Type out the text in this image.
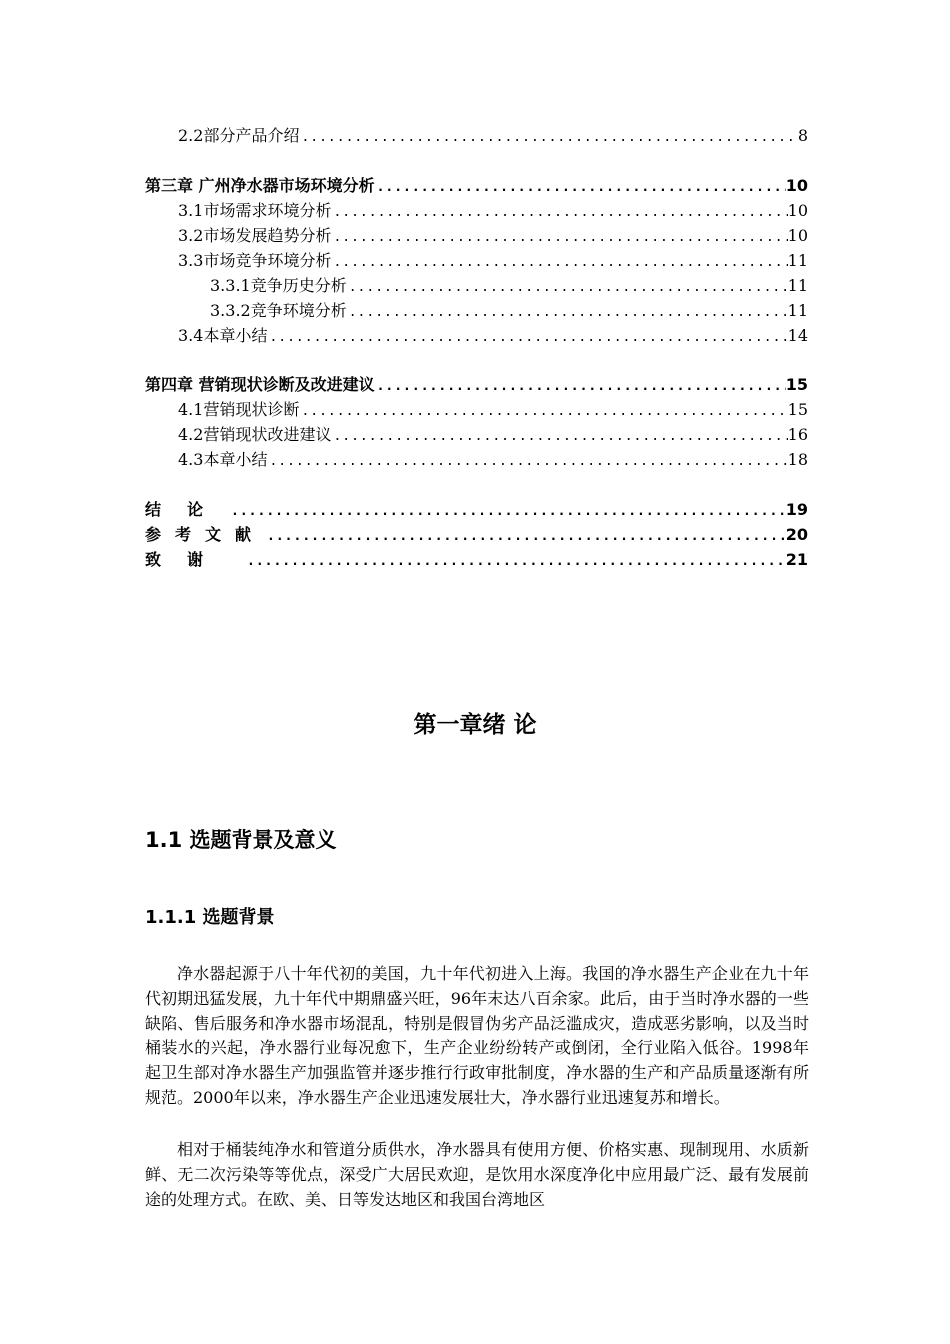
2.2部分产品介绍 .....	8
第三章 广州净水器市场环境分析 .....	10
3.1市场需求环境分析 .....	10
3.2市场发展趋势分析 .....	10
3.3市场竞争环境分析 .....	11
3.3.1竞争历史分析 .....	11
3.3.2竞争环境分析 .....	11
3.4本章小结 .....	14
第四章 营销现状诊断及改进建议 .....	15
4.1营销现状诊断 .....	15
4.2营销现状改进建议 .....	16
4.3本章小结 .....	18
结论 .....	19
参考文献 .....	20
致谢 .....	21
第一章绪 论
1.1 选题背景及意义
1.1.1 选题背景

净水器起源于八十年代初的美国，九十年代初进入上海。我国的净水器生产企业在九十年代初期迅猛发展，九十年代中期鼎盛兴旺，96年末达八百余家。此后，由于当时净水器的一些缺陷、售后服务和净水器市场混乱，特别是假冒伪劣产品泛滥成灾，造成恶劣影响，以及当时桶装水的兴起，净水器行业每况愈下，生产企业纷纷转产或倒闭，全行业陷入低谷。1998年起卫生部对净水器生产加强监管并逐步推行行政审批制度，净水器的生产和产品质量逐渐有所规范。2000年以来，净水器生产企业迅速发展壮大，净水器行业迅速复苏和增长。

相对于桶装纯净水和管道分质供水，净水器具有使用方便、价格实惠、现制现用、水质新鲜、无二次污染等等优点，深受广大居民欢迎，是饮用水深度净化中应用最广泛、最有发展前途的处理方式。在欧、美、日等发达地区和我国台湾地区
